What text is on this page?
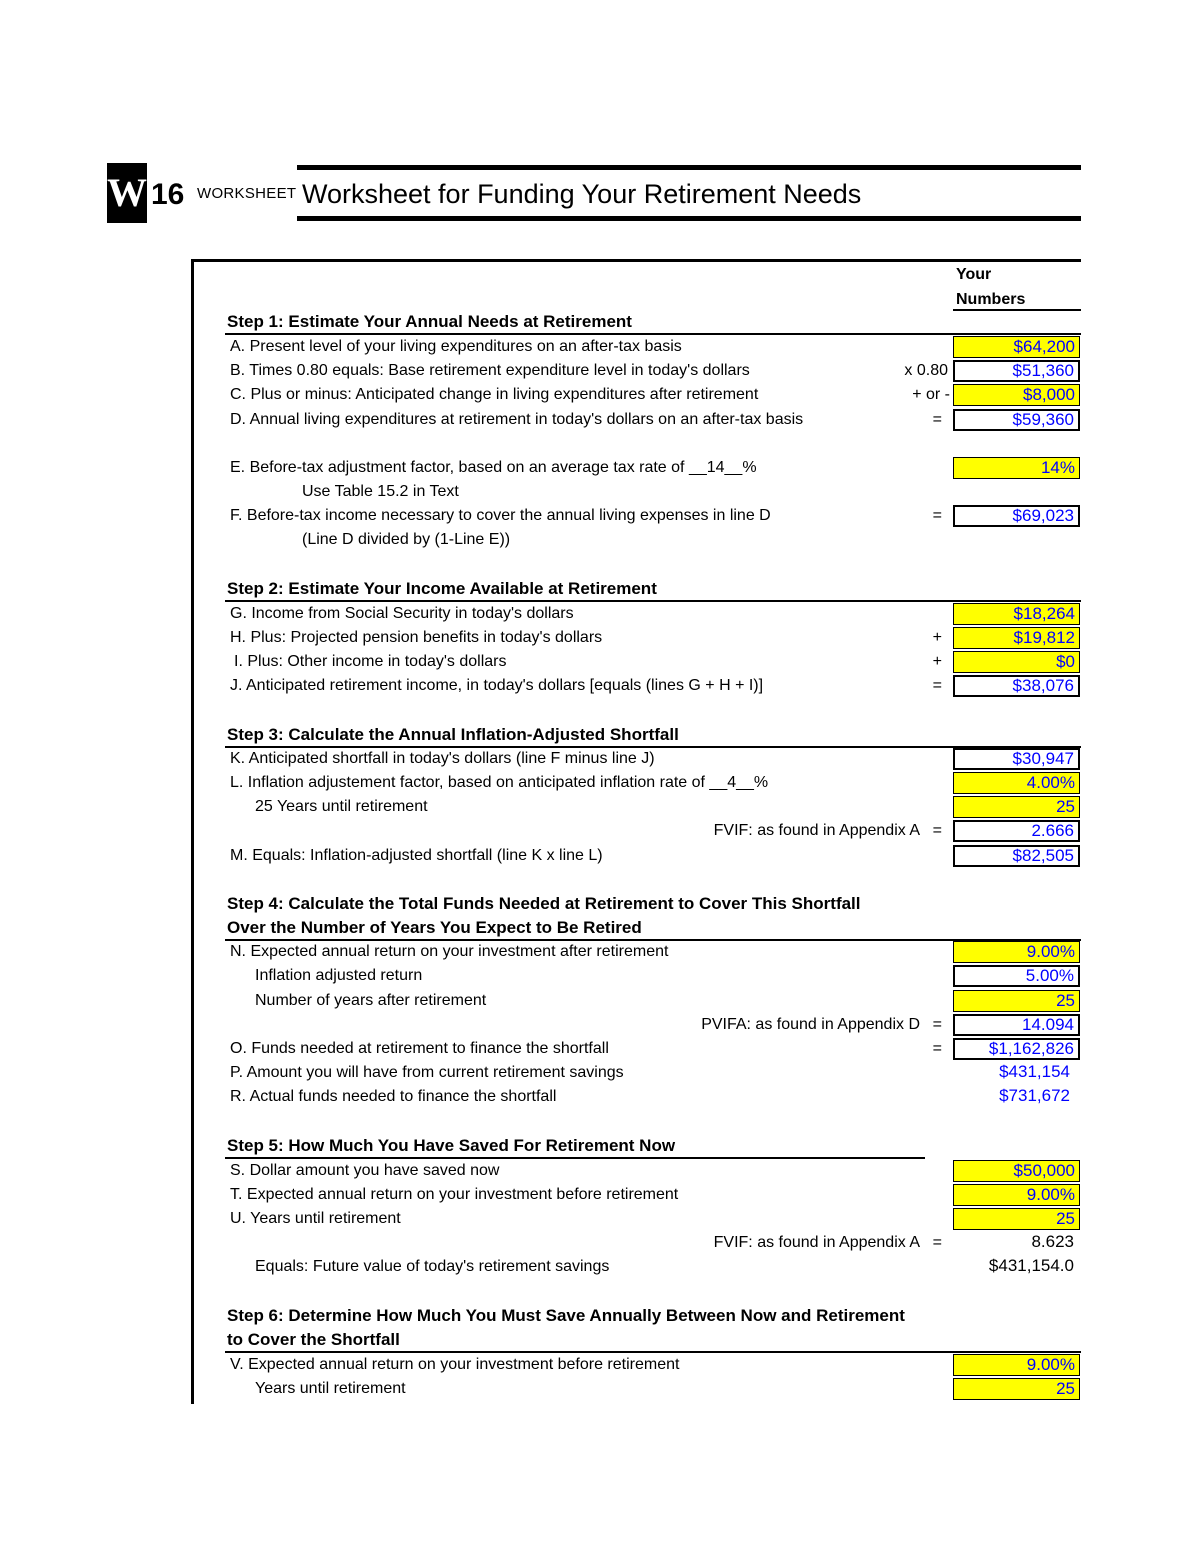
W 16 WORKSHEET Worksheet for Funding Your Retirement Needs
Your
Numbers
Step 1: Estimate Your Annual Needs at Retirement
A. Present level of your living expenditures on an after-tax basis	$64,200
B. Times 0.80 equals: Base retirement expenditure level in today's dollars	x 0.80	$51,360
C. Plus or minus: Anticipated change in living expenditures after retirement	+ or -	$8,000
D. Annual living expenditures at retirement in today's dollars on an after-tax basis	=	$59,360
E. Before-tax adjustment factor, based on an average tax rate of __14__%	14%
Use Table 15.2 in Text
F. Before-tax income necessary to cover the annual living expenses in line D	=	$69,023
(Line D divided by (1-Line E))
Step 2: Estimate Your Income Available at Retirement
G. Income from Social Security in today's dollars	$18,264
H. Plus: Projected pension benefits in today's dollars	+	$19,812
I. Plus: Other income in today's dollars	+	$0
J. Anticipated retirement income, in today's dollars [equals (lines G + H + I)]	=	$38,076
Step 3: Calculate the Annual Inflation-Adjusted Shortfall
K. Anticipated shortfall in today's dollars (line F minus line J)	$30,947
L. Inflation adjustement factor, based on anticipated inflation rate of __4__%	4.00%
25 Years until retirement	25
FVIF: as found in Appendix A =	2.666
M. Equals: Inflation-adjusted shortfall (line K x line L)	$82,505
Step 4: Calculate the Total Funds Needed at Retirement to Cover This Shortfall
Over the Number of Years You Expect to Be Retired
N. Expected annual return on your investment after retirement	9.00%
Inflation adjusted return	5.00%
Number of years after retirement	25
PVIFA: as found in Appendix D =	14.094
O. Funds needed at retirement to finance the shortfall	=	$1,162,826
P. Amount you will have from current retirement savings	$431,154
R. Actual funds needed to finance the shortfall	$731,672
Step 5: How Much You Have Saved For Retirement Now
S. Dollar amount you have saved now	$50,000
T. Expected annual return on your investment before retirement	9.00%
U. Years until retirement	25
FVIF: as found in Appendix A =	8.623
Equals: Future value of today's retirement savings	$431,154.0
Step 6: Determine How Much You Must Save Annually Between Now and Retirement
to Cover the Shortfall
V. Expected annual return on your investment before retirement	9.00%
Years until retirement	25
